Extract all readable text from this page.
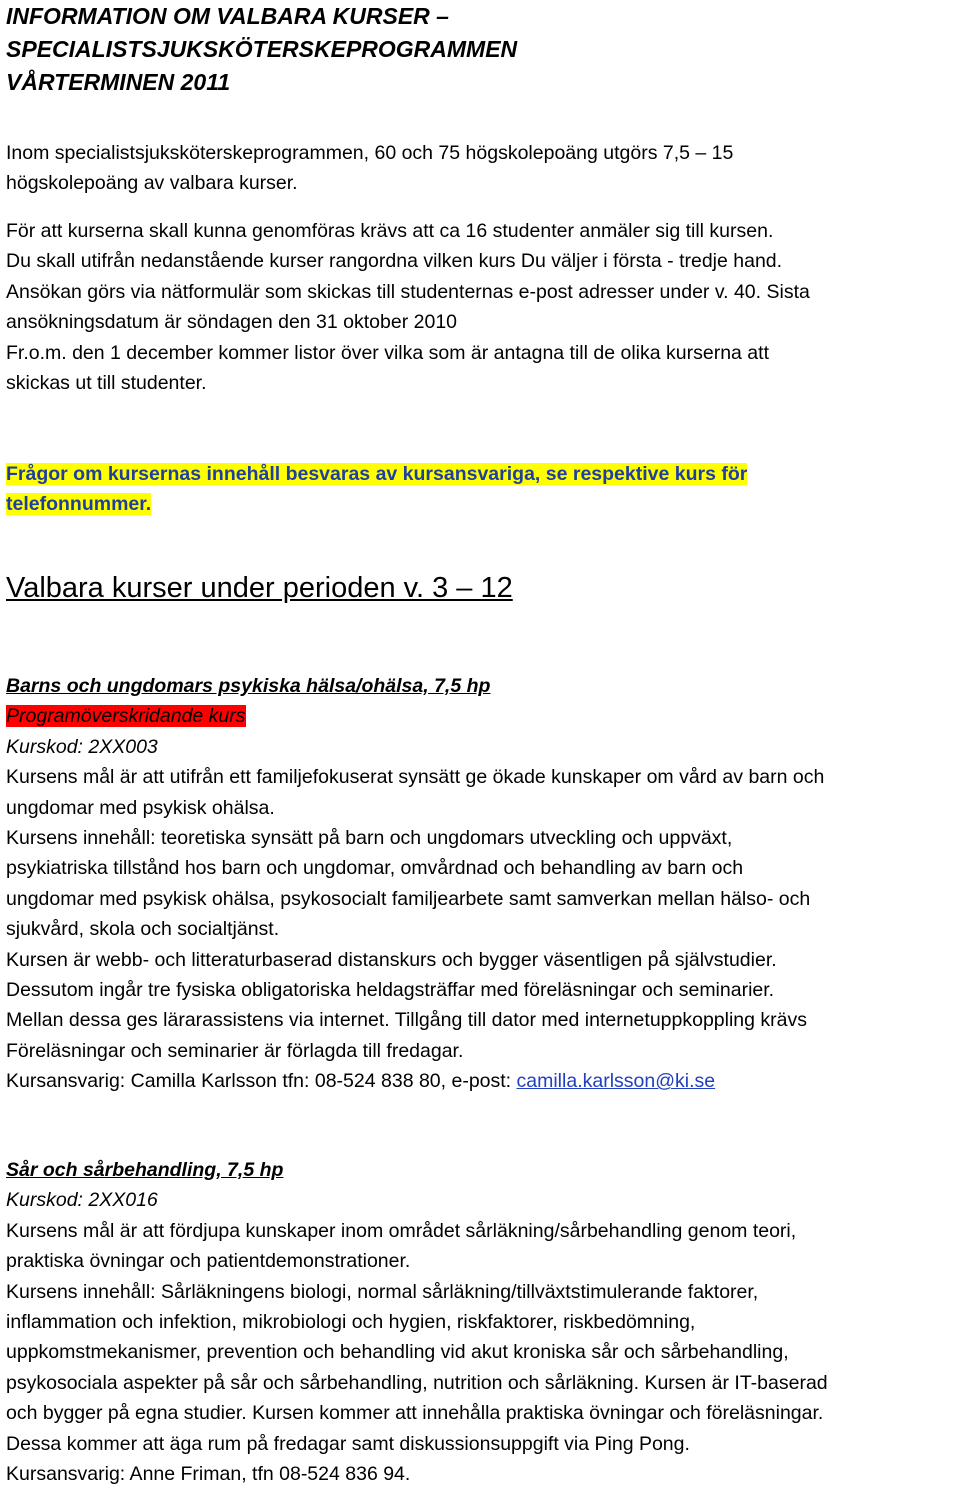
INFORMATION OM VALBARA KURSER –
SPECIALISTSJUKSKÖTERSKEPROGRAMMEN
VÅRTERMINEN 2011
Inom specialistsjuksköterskeprogrammen, 60 och 75 högskolepoäng utgörs 7,5 – 15
högskolepoäng av valbara kurser.
För att kurserna skall kunna genomföras krävs att ca 16 studenter anmäler sig till kursen.
Du skall utifrån nedanstående kurser rangordna vilken kurs Du väljer i första - tredje hand.
Ansökan görs via nätformulär som skickas till studenternas e-post adresser under v. 40. Sista
ansökningsdatum är söndagen den 31 oktober 2010
Fr.o.m. den 1 december kommer listor över vilka som är antagna till de olika kurserna att
skickas ut till studenter.
Frågor om kursernas innehåll besvaras av kursansvariga, se respektive kurs för
telefonnummer.
Valbara kurser under perioden v. 3 – 12
Barns och ungdomars psykiska hälsa/ohälsa, 7,5 hp
Programöverskridande kurs
Kurskod: 2XX003
Kursens mål är att utifrån ett familjefokuserat synsätt ge ökade kunskaper om vård av barn och
ungdomar med psykisk ohälsa.
Kursens innehåll: teoretiska synsätt på barn och ungdomars utveckling och uppväxt,
psykiatriska tillstånd hos barn och ungdomar, omvårdnad och behandling av barn och
ungdomar med psykisk ohälsa, psykosocialt familjearbete samt samverkan mellan hälso- och
sjukvård, skola och socialtjänst.
Kursen är webb- och litteraturbaserad distanskurs och bygger väsentligen på självstudier.
Dessutom ingår tre fysiska obligatoriska heldagsträffar med föreläsningar och seminarier.
Mellan dessa ges lärarassistens via internet. Tillgång till dator med internetuppkoppling krävs
Föreläsningar och seminarier är förlagda till fredagar.
Kursansvarig: Camilla Karlsson tfn: 08-524 838 80, e-post: camilla.karlsson@ki.se
Sår och sårbehandling, 7,5 hp
Kurskod: 2XX016
Kursens mål är att fördjupa kunskaper inom området sårläkning/sårbehandling genom teori,
praktiska övningar och patientdemonstrationer.
Kursens innehåll: Sårläkningens biologi, normal sårläkning/tillväxtstimulerande faktorer,
inflammation och infektion, mikrobiologi och hygien, riskfaktorer, riskbedömning,
uppkomstmekanismer, prevention och behandling vid akut kroniska sår och sårbehandling,
psykosociala aspekter på sår och sårbehandling, nutrition och sårläkning. Kursen är IT-baserad
och bygger på egna studier. Kursen kommer att innehålla praktiska övningar och föreläsningar.
Dessa kommer att äga rum på fredagar samt diskussionsuppgift via Ping Pong.
Kursansvarig: Anne Friman, tfn 08-524 836 94.
